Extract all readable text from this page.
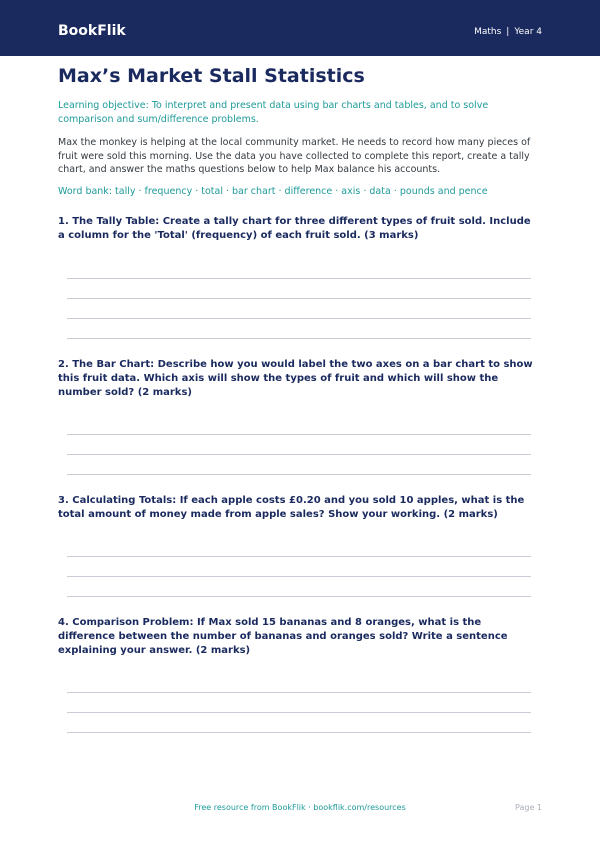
BookFlik	Maths | Year 4
Max’s Market Stall Statistics

Learning objective: To interpret and present data using bar charts and tables, and to solve comparison and sum/difference problems.

Max the monkey is helping at the local community market. He needs to record how many pieces of fruit were sold this morning. Use the data you have collected to complete this report, create a tally chart, and answer the maths questions below to help Max balance his accounts.

Word bank: tally · frequency · total · bar chart · difference · axis · data · pounds and pence

1. The Tally Table: Create a tally chart for three different types of fruit sold. Include a column for the 'Total' (frequency) of each fruit sold. (3 marks)

2. The Bar Chart: Describe how you would label the two axes on a bar chart to show this fruit data. Which axis will show the types of fruit and which will show the number sold? (2 marks)

3. Calculating Totals: If each apple costs £0.20 and you sold 10 apples, what is the total amount of money made from apple sales? Show your working. (2 marks)

4. Comparison Problem: If Max sold 15 bananas and 8 oranges, what is the difference between the number of bananas and oranges sold? Write a sentence explaining your answer. (2 marks)

Free resource from BookFlik · bookflik.com/resources	Page 1
